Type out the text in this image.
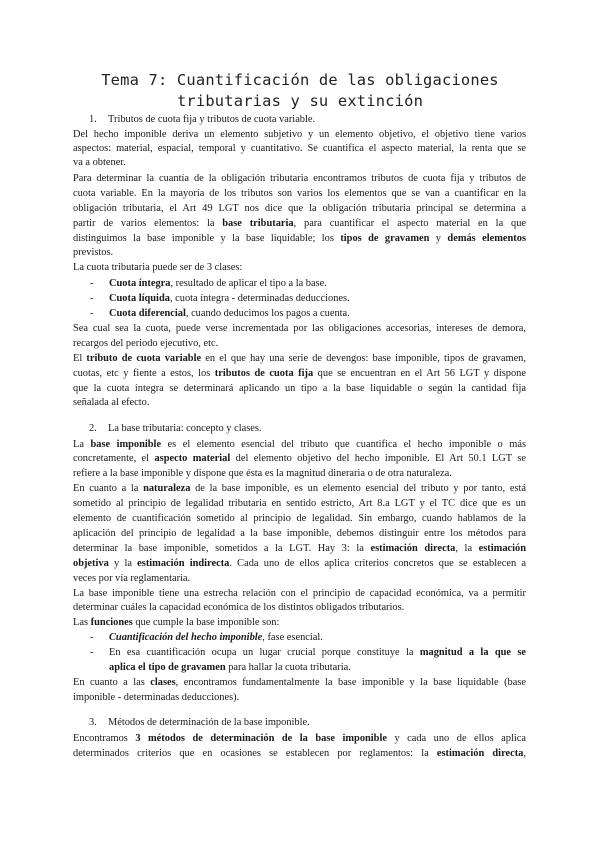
Tema 7: Cuantificación de las obligaciones
tributarias y su extinción
1. Tributos de cuota fija y tributos de cuota variable.
Del hecho imponible deriva un elemento subjetivo y un elemento objetivo, el objetivo tiene varios
aspectos: material, espacial, temporal y cuantitativo. Se cuantifica el aspecto material, la renta que se
va a obtener.
Para determinar la cuantía de la obligación tributaria encontramos tributos de cuota fija y tributos de
cuota variable. En la mayoría de los tributos son varios los elementos que se van a cuantificar en la
obligación tributaria, el Art 49 LGT nos dice que la obligación tributaria principal se determina a
partir de varios elementos: la base tributaria, para cuantificar el aspecto material en la que
distinguimos la base imponible y la base liquidable; los tipos de gravamen y demás elementos
previstos.
La cuota tributaria puede ser de 3 clases:
-	Cuota íntegra, resultado de aplicar el tipo a la base.
-	Cuota líquida, cuota íntegra - determinadas deducciones.
-	Cuota diferencial, cuando deducimos los pagos a cuenta.
Sea cual sea la cuota, puede verse incrementada por las obligaciones accesorias, intereses de demora,
recargos del periodo ejecutivo, etc.
El tributo de cuota variable en el que hay una serie de devengos: base imponible, tipos de gravamen,
cuotas, etc y fiente a estos, los tributos de cuota fija que se encuentran en el Art 56 LGT y dispone
que la cuota íntegra se determinará aplicando un tipo a la base liquidable o según la cantidad fija
señalada al efecto.
2. La base tributaria: concepto y clases.
La base imponible es el elemento esencial del tributo que cuantifica el hecho imponible o más
concretamente, el aspecto material del elemento objetivo del hecho imponible. El Art 50.1 LGT se
refiere a la base imponible y dispone que ésta es la magnitud dineraria o de otra naturaleza.
En cuanto a la naturaleza de la base imponible, es un elemento esencial del tributo y por tanto, está
sometido al principio de legalidad tributaria en sentido estricto, Art 8.a LGT y el TC dice que es un
elemento de cuantificación sometido al principio de legalidad. Sin embargo, cuando hablamos de la
aplicación del principio de legalidad a la base imponible, debemos distinguir entre los métodos para
determinar la base imponible, sometidos a la LGT. Hay 3: la estimación directa, la estimación
objetiva y la estimación indirecta. Cada uno de ellos aplica criterios concretos que se establecen a
veces por vía reglamentaria.
La base imponible tiene una estrecha relación con el principio de capacidad económica, va a permitir
determinar cuáles la capacidad económica de los distintos obligados tributarios.
Las funciones que cumple la base imponible son:
-	Cuantificación del hecho imponible, fase esencial.
-	En esa cuantificación ocupa un lugar crucial porque constituye la magnitud a la que se
aplica el tipo de gravamen para hallar la cuota tributaria.
En cuanto a las clases, encontramos fundamentalmente la base imponible y la base liquidable (base
imponible - determinadas deducciones).
3. Métodos de determinación de la base imponible.
Encontramos 3 métodos de determinación de la base imponible y cada uno de ellos aplica
determinados criterios que en ocasiones se establecen por reglamentos: la estimación directa,
